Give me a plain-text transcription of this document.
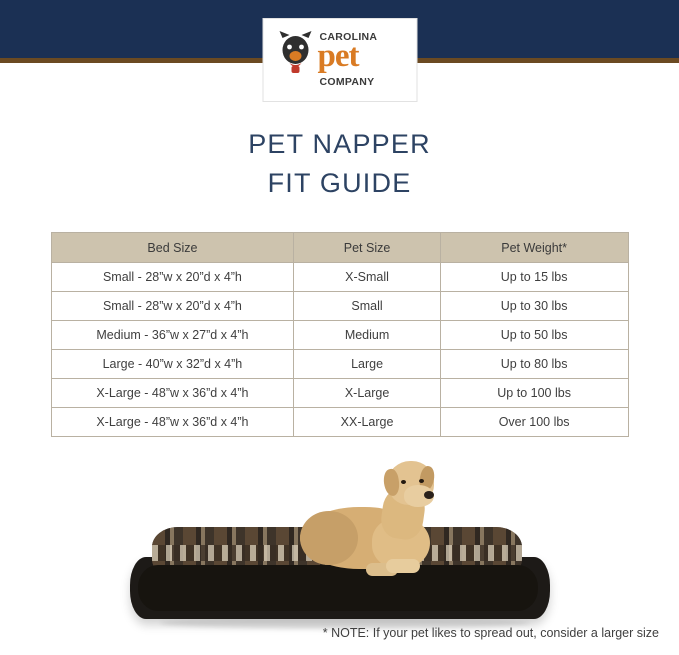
CAROLINA
pet
COMPANY
PET NAPPER
FIT GUIDE
Bed Size	Pet Size	Pet Weight*
Small - 28”w x 20”d x 4”h	X-Small	Up to 15 lbs
Small - 28”w x 20”d x 4”h	Small	Up to 30 lbs
Medium - 36”w x 27”d x 4”h	Medium	Up to 50 lbs
Large - 40”w x 32”d x 4”h	Large	Up to 80 lbs
X-Large - 48”w x 36”d x 4”h	X-Large	Up to 100 lbs
X-Large - 48”w x 36”d x 4”h	XX-Large	Over 100 lbs
* NOTE: If your pet likes to spread out, consider a larger size
